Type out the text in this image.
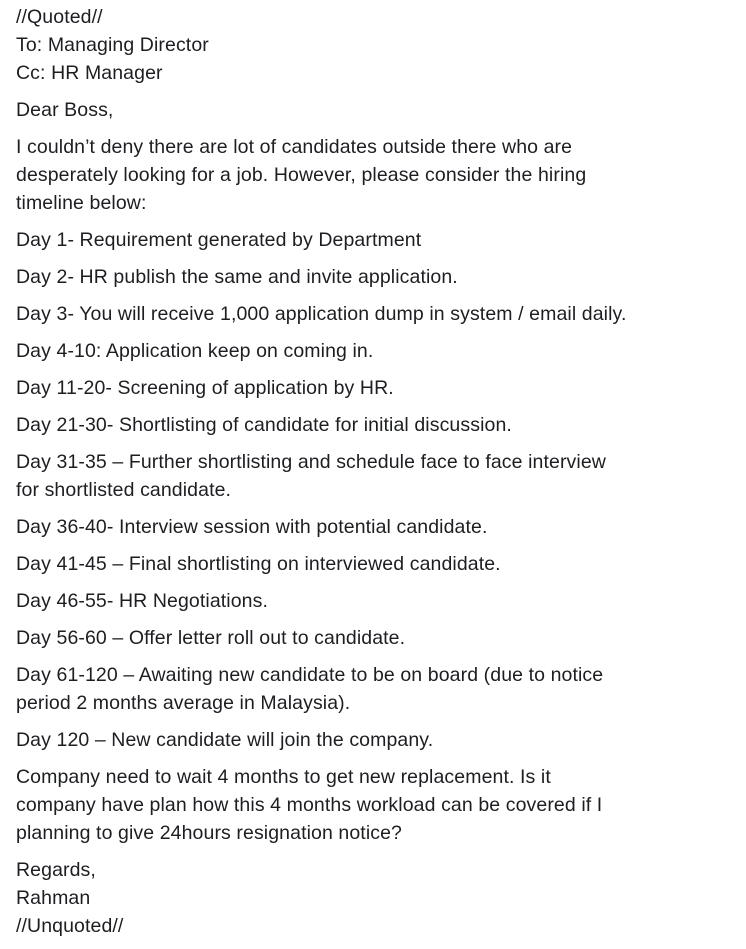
//Quoted//
To: Managing Director
Cc: HR Manager
Dear Boss,
I couldn’t deny there are lot of candidates outside there who are
desperately looking for a job. However, please consider the hiring
timeline below:
Day 1- Requirement generated by Department
Day 2- HR publish the same and invite application.
Day 3- You will receive 1,000 application dump in system / email daily.
Day 4-10: Application keep on coming in.
Day 11-20- Screening of application by HR.
Day 21-30- Shortlisting of candidate for initial discussion.
Day 31-35 – Further shortlisting and schedule face to face interview
for shortlisted candidate.
Day 36-40- Interview session with potential candidate.
Day 41-45 – Final shortlisting on interviewed candidate.
Day 46-55- HR Negotiations.
Day 56-60 – Offer letter roll out to candidate.
Day 61-120 – Awaiting new candidate to be on board (due to notice
period 2 months average in Malaysia).
Day 120 – New candidate will join the company.
Company need to wait 4 months to get new replacement. Is it
company have plan how this 4 months workload can be covered if I
planning to give 24hours resignation notice?
Regards,
Rahman
//Unquoted//
